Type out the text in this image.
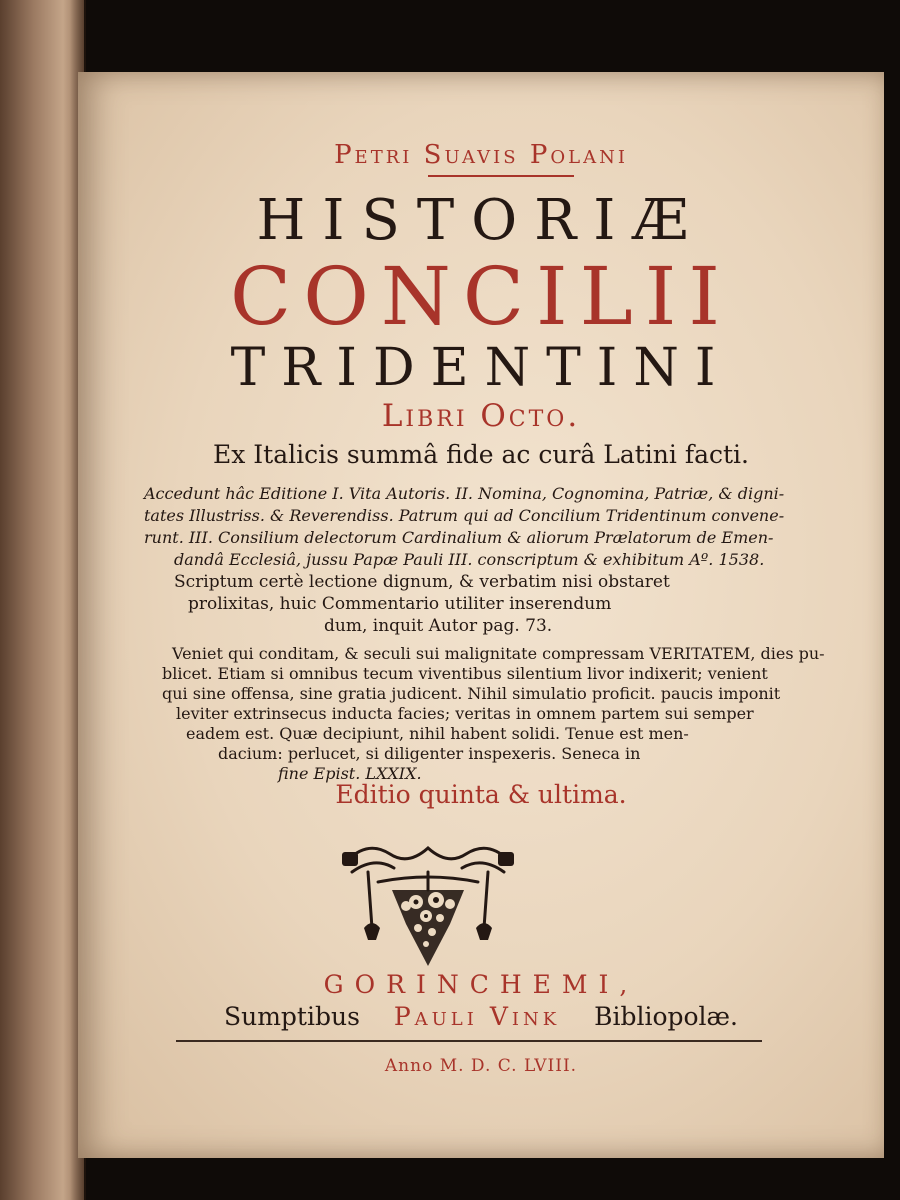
Petri Suavis Polani
HISTORIÆ
CONCILII
TRIDENTINI
Libri Octo.
Ex Italicis summâ fide ac curâ Latini facti.
Accedunt hâc Editione I. Vita Autoris. II. Nomina, Cognomina, Patriæ, & digni-
tates Illustriss. & Reverendiss. Patrum qui ad Concilium Tridentinum convene-
runt. III. Consilium delectorum Cardinalium & aliorum Prælatorum de Emen-
dandâ Ecclesiâ, jussu Papæ Pauli III. conscriptum & exhibitum Aº. 1538.
Scriptum certè lectione dignum, & verbatim nisi obstaret
prolixitas, huic Commentario utiliter inserendum
dum, inquit Autor pag. 73.
Veniet qui conditam, & seculi sui malignitate compressam VERITATEM, dies pu-
blicet. Etiam si omnibus tecum viventibus silentium livor indixerit; venient
qui sine offensa, sine gratia judicent. Nihil simulatio proficit. paucis imponit
leviter extrinsecus inducta facies; veritas in omnem partem sui semper
eadem est. Quæ decipiunt, nihil habent solidi. Tenue est men-
dacium: perlucet, si diligenter inspexeris. Seneca in
fine Epist. LXXIX.
Editio quinta & ultima.
GORINCHEMI,
Sumptibus Pauli Vink Bibliopolæ.
Anno M. D. C. LVIII.
